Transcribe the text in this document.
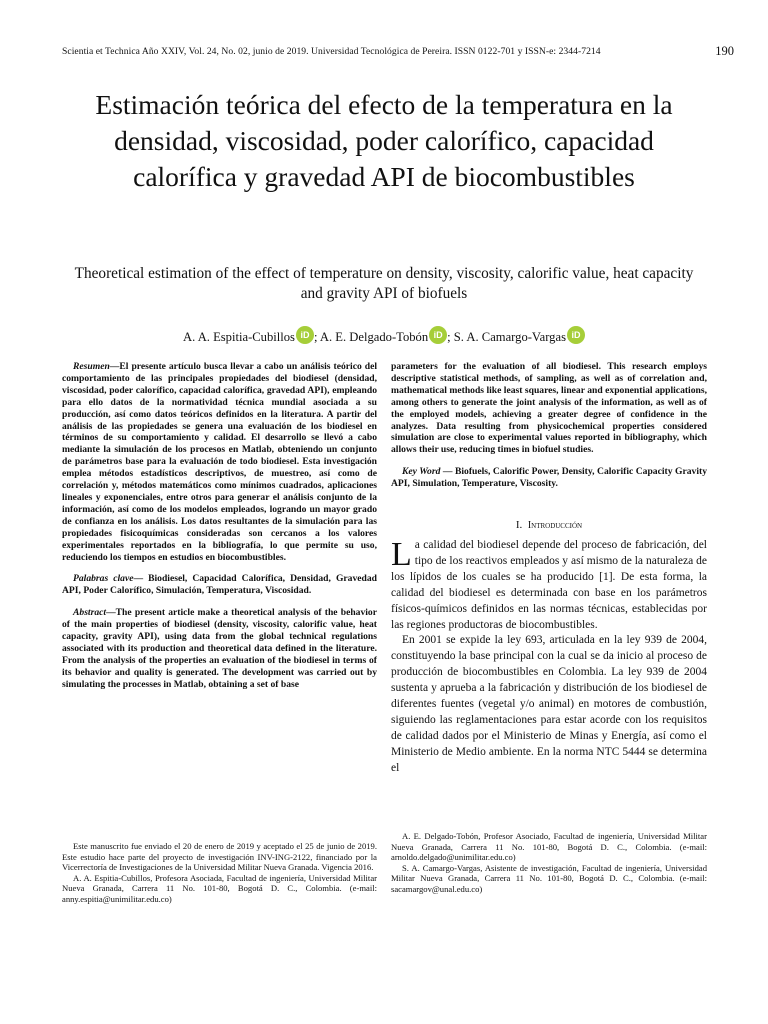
Scientia et Technica Año XXIV, Vol. 24, No. 02, junio de 2019. Universidad Tecnológica de Pereira. ISSN 0122-701 y ISSN-e: 2344-7214	190
Estimación teórica del efecto de la temperatura en la densidad, viscosidad, poder calorífico, capacidad calorífica y gravedad API de biocombustibles
Theoretical estimation of the effect of temperature on density, viscosity, calorific value, heat capacity and gravity API of biofuels
A. A. Espitia-Cubillos iD ; A. E. Delgado-Tobón iD ; S. A. Camargo-Vargas iD

Resumen—El presente artículo busca llevar a cabo un análisis teórico del comportamiento de las principales propiedades del biodiesel (densidad, viscosidad, poder calorífico, capacidad calorífica, gravedad API), empleando para ello datos de la normatividad técnica mundial asociada a su producción, así como datos teóricos definidos en la literatura. A partir del análisis de las propiedades se genera una evaluación de los biodiesel en términos de su comportamiento y calidad. El desarrollo se llevó a cabo mediante la simulación de los procesos en Matlab, obteniendo un conjunto de parámetros base para la evaluación de todo biodiesel. Esta investigación emplea métodos estadísticos descriptivos, de muestreo, así como de correlación y, métodos matemáticos como mínimos cuadrados, aplicaciones lineales y exponenciales, entre otros para generar el análisis conjunto de la información, así como de los modelos empleados, logrando un mayor grado de confianza en los análisis. Los datos resultantes de la simulación para las propiedades fisicoquímicas consideradas son cercanos a los valores experimentales reportados en la bibliografía, lo que permite su uso, reduciendo los tiempos en estudios en biocombustibles.

Palabras clave— Biodiesel, Capacidad Calorífica, Densidad, Gravedad API, Poder Calorífico, Simulación, Temperatura, Viscosidad.

Abstract—The present article make a theoretical analysis of the behavior of the main properties of biodiesel (density, viscosity, calorific value, heat capacity, gravity API), using data from the global technical regulations associated with its production and theoretical data defined in the literature. From the analysis of the properties an evaluation of the biodiesel in terms of its behavior and quality is generated. The development was carried out by simulating the processes in Matlab, obtaining a set of base

parameters for the evaluation of all biodiesel. This research employs descriptive statistical methods, of sampling, as well as of correlation and, mathematical methods like least squares, linear and exponential applications, among others to generate the joint analysis of the information, as well as of the employed models, achieving a greater degree of confidence in the analyzes. Data resulting from physicochemical properties considered simulation are close to experimental values reported in bibliography, which allows their use, reducing times in biofuel studies.

Key Word — Biofuels, Calorific Power, Density, Calorific Capacity Gravity API, Simulation, Temperature, Viscosity.

I. Introducción

La calidad del biodiesel depende del proceso de fabricación, del tipo de los reactivos empleados y así mismo de la naturaleza de los lípidos de los cuales se ha producido [1]. De esta forma, la calidad del biodiesel es determinada con base en los parámetros físicos-químicos definidos en las normas técnicas, establecidas por las regiones productoras de biocombustibles.

En 2001 se expide la ley 693, articulada en la ley 939 de 2004, constituyendo la base principal con la cual se da inicio al proceso de producción de biocombustibles en Colombia. La ley 939 de 2004 sustenta y aprueba a la fabricación y distribución de los biodiesel de diferentes fuentes (vegetal y/o animal) en motores de combustión, siguiendo las reglamentaciones para estar acorde con los requisitos de calidad dados por el Ministerio de Minas y Energía, así como el Ministerio de Medio ambiente. En la norma NTC 5444 se determina el

Este manuscrito fue enviado el 20 de enero de 2019 y aceptado el 25 de junio de 2019. Este estudio hace parte del proyecto de investigación INV-ING-2122, financiado por la Vicerrectoría de Investigaciones de la Universidad Militar Nueva Granada. Vigencia 2016.

A. A. Espitia-Cubillos, Profesora Asociada, Facultad de ingeniería, Universidad Militar Nueva Granada, Carrera 11 No. 101-80, Bogotá D. C., Colombia. (e-mail: anny.espitia@unimilitar.edu.co)

A. E. Delgado-Tobón, Profesor Asociado, Facultad de ingeniería, Universidad Militar Nueva Granada, Carrera 11 No. 101-80, Bogotá D. C., Colombia. (e-mail: arnoldo.delgado@unimilitar.edu.co)

S. A. Camargo-Vargas, Asistente de investigación, Facultad de ingeniería, Universidad Militar Nueva Granada, Carrera 11 No. 101-80, Bogotá D. C., Colombia. (e-mail: sacamargov@unal.edu.co)
